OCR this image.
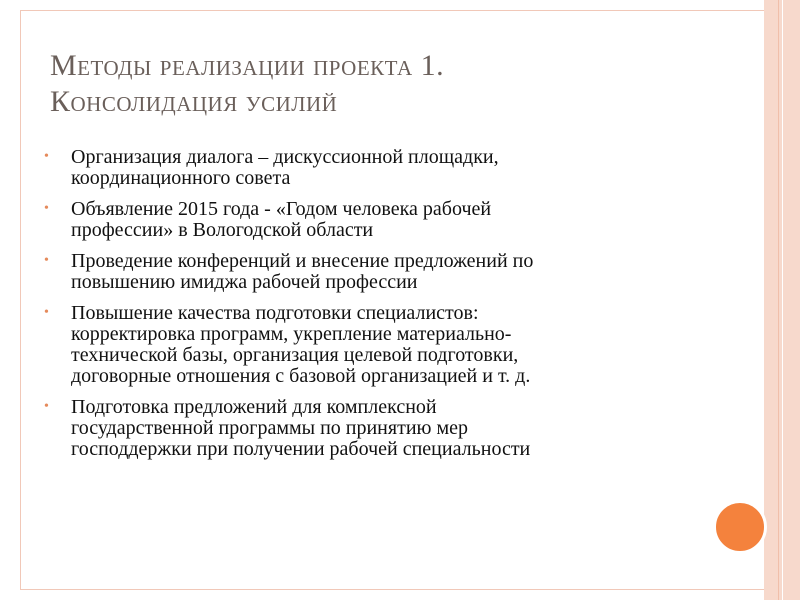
Методы реализации проекта 1.
Консолидация усилий
• Организация диалога – дискуссионной площадки,
координационного совета
• Объявление 2015 года - «Годом человека рабочей
профессии» в Вологодской области
• Проведение конференций и внесение предложений по
повышению имиджа рабочей профессии
• Повышение качества подготовки специалистов:
корректировка программ, укрепление материально-
технической базы, организация целевой подготовки,
договорные отношения с базовой организацией и т. д.
• Подготовка предложений для комплексной
государственной программы по принятию мер
господдержки при получении рабочей специальности
